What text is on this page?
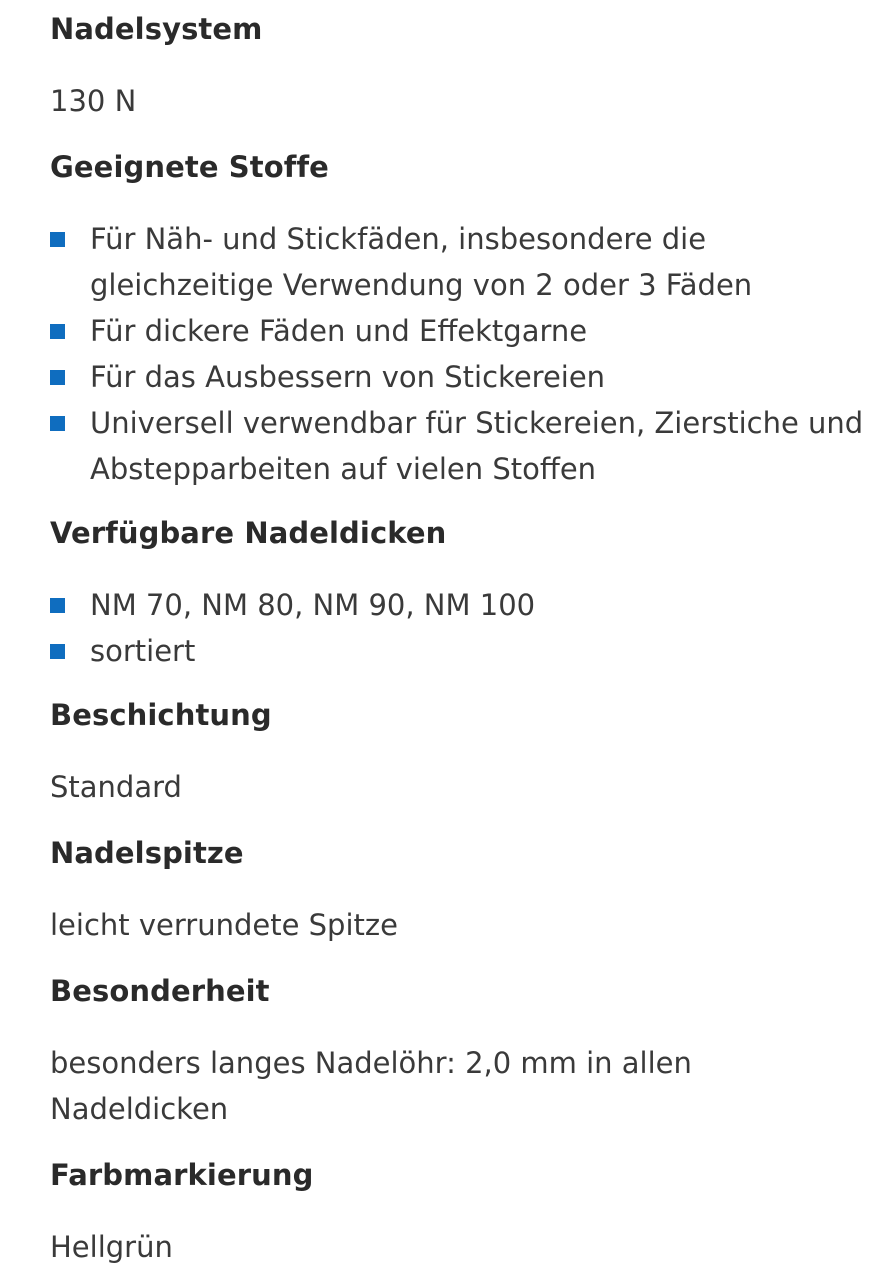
Nadelsystem
130 N
Geeignete Stoffe
Für Näh- und Stickfäden, insbesondere die gleichzeitige Verwendung von 2 oder 3 Fäden
Für dickere Fäden und Effektgarne
Für das Ausbessern von Stickereien
Universell verwendbar für Stickereien, Zierstiche und Abstepparbeiten auf vielen Stoffen
Verfügbare Nadeldicken
NM 70, NM 80, NM 90, NM 100
sortiert
Beschichtung
Standard
Nadelspitze
leicht verrundete Spitze
Besonderheit
besonders langes Nadelöhr: 2,0 mm in allen Nadeldicken
Farbmarkierung
Hellgrün
